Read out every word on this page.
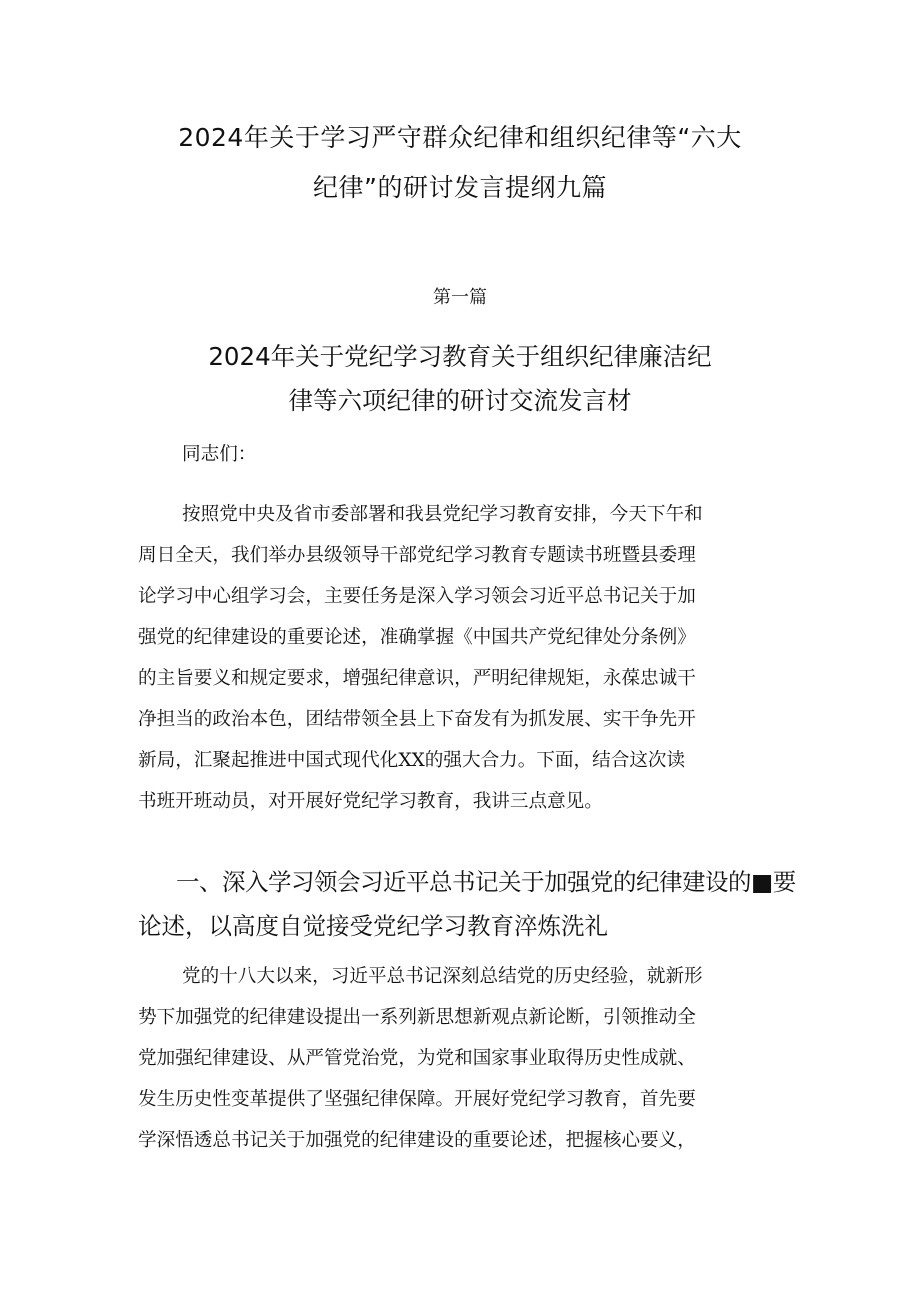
2024年关于学习严守群众纪律和组织纪律等“六大
纪律”的研讨发言提纲九篇
第一篇
2024年关于党纪学习教育关于组织纪律廉洁纪
律等六项纪律的研讨交流发言材
同志们：
按照党中央及省市委部署和我县党纪学习教育安排，今天下午和
周日全天，我们举办县级领导干部党纪学习教育专题读书班暨县委理
论学习中心组学习会，主要任务是深入学习领会习近平总书记关于加
强党的纪律建设的重要论述，准确掌握《中国共产党纪律处分条例》
的主旨要义和规定要求，增强纪律意识，严明纪律规矩，永葆忠诚干
净担当的政治本色，团结带领全县上下奋发有为抓发展、实干争先开
新局，汇聚起推进中国式现代化XX的强大合力。下面，结合这次读
书班开班动员，对开展好党纪学习教育，我讲三点意见。
一、深入学习领会习近平总书记关于加强党的纪律建设的■要
论述，以高度自觉接受党纪学习教育淬炼洗礼
党的十八大以来，习近平总书记深刻总结党的历史经验，就新形
势下加强党的纪律建设提出一系列新思想新观点新论断，引领推动全
党加强纪律建设、从严管党治党，为党和国家事业取得历史性成就、
发生历史性变革提供了坚强纪律保障。开展好党纪学习教育，首先要
学深悟透总书记关于加强党的纪律建设的重要论述，把握核心要义，
